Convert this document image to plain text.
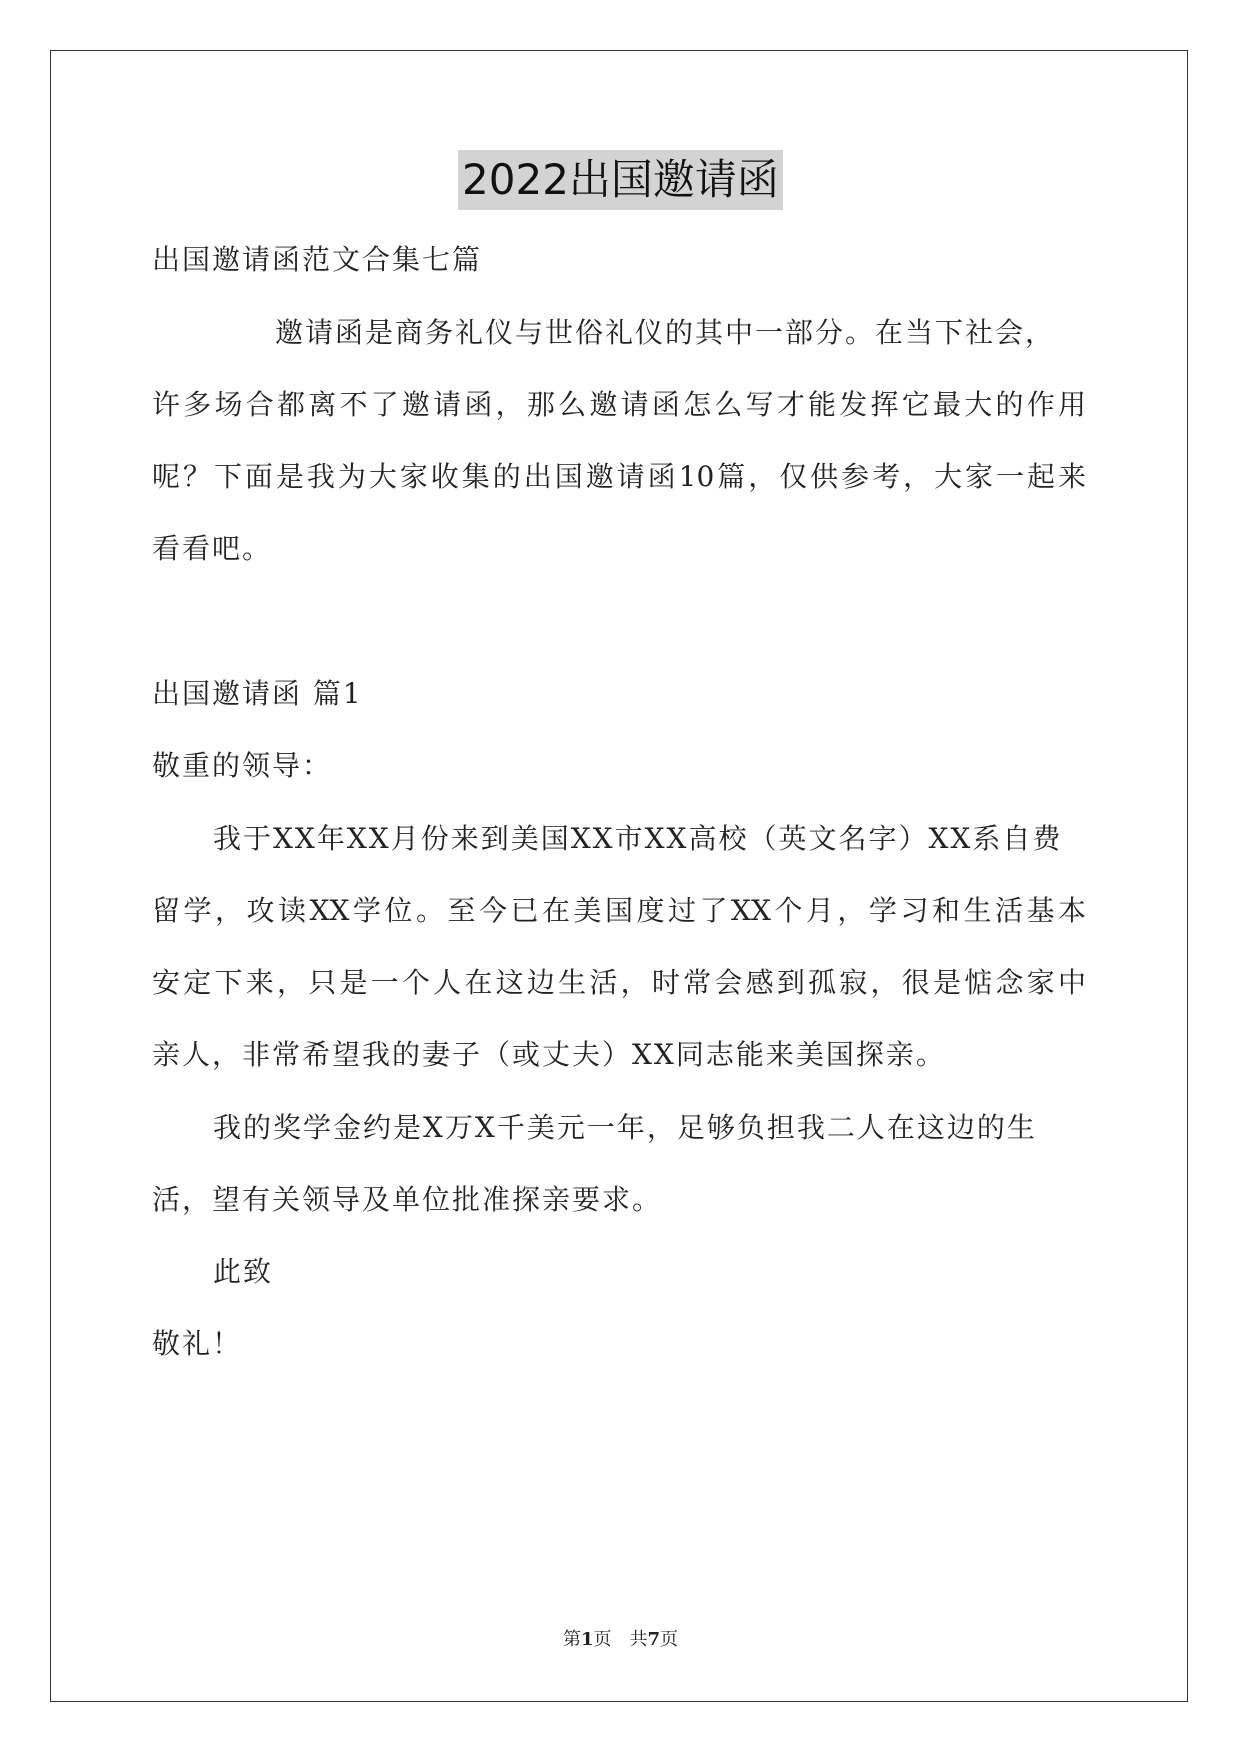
2022出国邀请函
出国邀请函范文合集七篇
邀请函是商务礼仪与世俗礼仪的其中一部分。在当下社会，
许多场合都离不了邀请函，那么邀请函怎么写才能发挥它最大的作用
呢？下面是我为大家收集的出国邀请函10篇，仅供参考，大家一起来
看看吧。
出国邀请函 篇1
敬重的领导：
我于XX年XX月份来到美国XX市XX高校（英文名字）XX系自费
留学，攻读XX学位。至今已在美国度过了XX个月，学习和生活基本
安定下来，只是一个人在这边生活，时常会感到孤寂，很是惦念家中
亲人，非常希望我的妻子（或丈夫）XX同志能来美国探亲。
我的奖学金约是X万X千美元一年，足够负担我二人在这边的生
活，望有关领导及单位批准探亲要求。
此致
敬礼！
第1页　共7页
